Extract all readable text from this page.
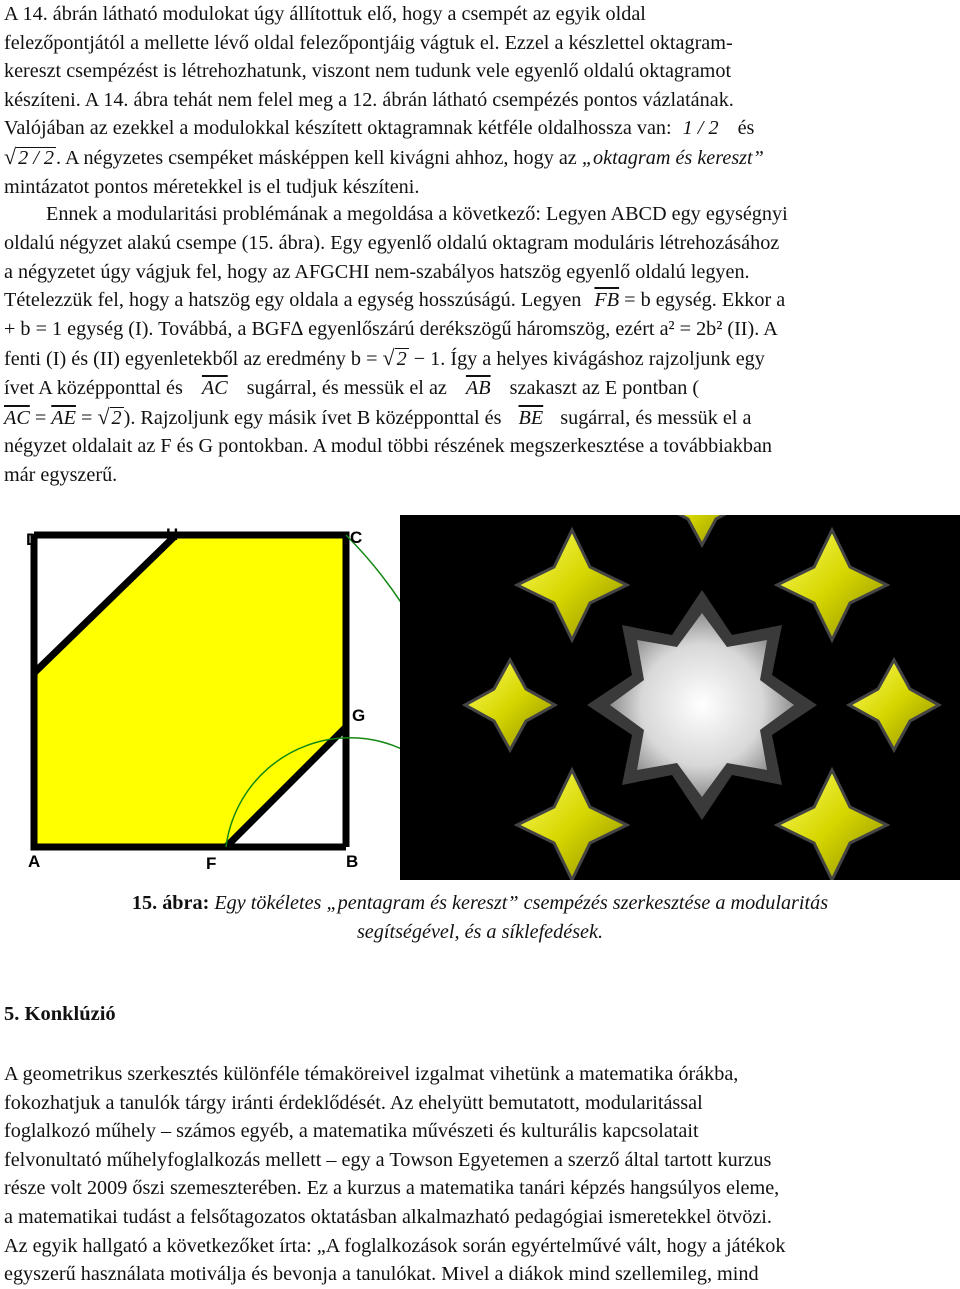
A 14. ábrán látható modulokat úgy állítottuk elő, hogy a csempét az egyik oldal
felezőpontjától a mellette lévő oldal felezőpontjáig vágtuk el. Ezzel a készlettel oktagram-
kereszt csempézést is létrehozhatunk, viszont nem tudunk vele egyenlő oldalú oktagramot
készíteni. A 14. ábra tehát nem felel meg a 12. ábrán látható csempézés pontos vázlatának.
Valójában az ezekkel a modulokkal készített oktagramnak kétféle oldalhossza van: 1 / 2 és
√2 / 2. A négyzetes csempéket másképpen kell kivágni ahhoz, hogy az „oktagram és kereszt”
mintázatot pontos méretekkel is el tudjuk készíteni.
Ennek a modularitási problémának a megoldása a következő: Legyen ABCD egy egységnyi
oldalú négyzet alakú csempe (15. ábra). Egy egyenlő oldalú oktagram moduláris létrehozásához
a négyzetet úgy vágjuk fel, hogy az AFGCHI nem-szabályos hatszög egyenlő oldalú legyen.
Tételezzük fel, hogy a hatszög egy oldala a egység hosszúságú. Legyen $\overline{FB} = b$ egység. Ekkor a
+ b = 1 egység (I). Továbbá, a BGF∆ egyenlőszárú derékszögű háromszög, ezért a² = 2b² (II). A
fenti (I) és (II) egyenletekből az eredmény b = √2 − 1. Így a helyes kivágáshoz rajzoljunk egy
ívet A középponttal és $\overline{AC}$ sugárral, és messük el az $\overline{AB}$ szakaszt az E pontban (
$\overline{AC} = \overline{AE} = √2$). Rajzoljunk egy másik ívet B középponttal és $\overline{BE}$ sugárral, és messük el a
négyzet oldalait az F és G pontokban. A modul többi részének megszerkesztése a továbbiakban
már egyszerű.
D	H	C
I
G
A	F	B
15. ábra: Egy tökéletes „pentagram és kereszt” csempézés szerkesztése a modularitás
segítségével, és a síklefedések.
5. Konklúzió
A geometrikus szerkesztés különféle témaköreivel izgalmat vihetünk a matematika órákba,
fokozhatjuk a tanulók tárgy iránti érdeklődését. Az ehelyütt bemutatott, modularitással
foglalkozó műhely – számos egyéb, a matematika művészeti és kulturális kapcsolatait
felvonultató műhelyfoglalkozás mellett – egy a Towson Egyetemen a szerző által tartott kurzus
része volt 2009 őszi szemeszterében. Ez a kurzus a matematika tanári képzés hangsúlyos eleme,
a matematikai tudást a felsőtagozatos oktatásban alkalmazható pedagógiai ismeretekkel ötvözi.
Az egyik hallgató a következőket írta: „A foglalkozások során egyértelművé vált, hogy a játékok
egyszerű használata motiválja és bevonja a tanulókat. Mivel a diákok mind szellemileg, mind
